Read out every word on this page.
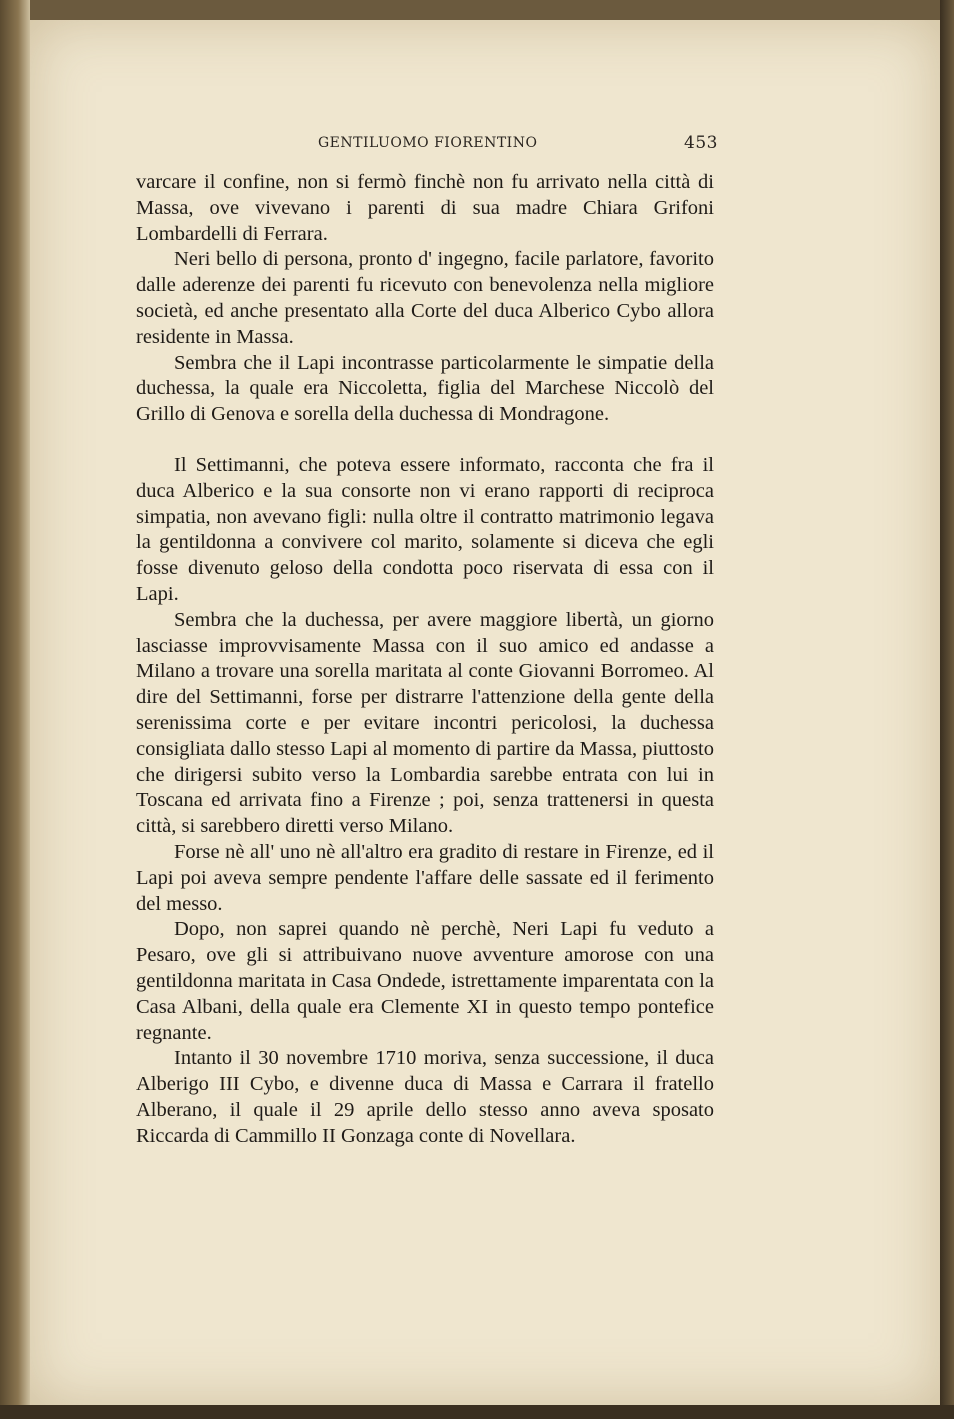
GENTILUOMO FIORENTINO	453

varcare il confine, non si fermò finchè non fu arrivato nella città di Massa, ove vivevano i parenti di sua madre Chiara Grifoni Lombardelli di Ferrara.

Neri bello di persona, pronto d' ingegno, facile parlatore, favorito dalle aderenze dei parenti fu ricevuto con benevolenza nella migliore società, ed anche presentato alla Corte del duca Alberico Cybo allora residente in Massa.

Sembra che il Lapi incontrasse particolarmente le simpatie della duchessa, la quale era Niccoletta, figlia del Marchese Niccolò del Grillo di Genova e sorella della duchessa di Mondragone.

Il Settimanni, che poteva essere informato, racconta che fra il duca Alberico e la sua consorte non vi erano rapporti di reciproca simpatia, non avevano figli: nulla oltre il contratto matrimonio legava la gentildonna a convivere col marito, solamente si diceva che egli fosse divenuto geloso della condotta poco riservata di essa con il Lapi.

Sembra che la duchessa, per avere maggiore libertà, un giorno lasciasse improvvisamente Massa con il suo amico ed andasse a Milano a trovare una sorella maritata al conte Giovanni Borromeo. Al dire del Settimanni, forse per distrarre l'attenzione della gente della serenissima corte e per evitare incontri pericolosi, la duchessa consigliata dallo stesso Lapi al momento di partire da Massa, piuttosto che dirigersi subito verso la Lombardia sarebbe entrata con lui in Toscana ed arrivata fino a Firenze ; poi, senza trattenersi in questa città, si sarebbero diretti verso Milano.

Forse nè all' uno nè all'altro era gradito di restare in Firenze, ed il Lapi poi aveva sempre pendente l'affare delle sassate ed il ferimento del messo.

Dopo, non saprei quando nè perchè, Neri Lapi fu veduto a Pesaro, ove gli si attribuivano nuove avventure amorose con una gentildonna maritata in Casa Ondede, istrettamente imparentata con la Casa Albani, della quale era Clemente XI in questo tempo pontefice regnante.

Intanto il 30 novembre 1710 moriva, senza successione, il duca Alberigo III Cybo, e divenne duca di Massa e Carrara il fratello Alberano, il quale il 29 aprile dello stesso anno aveva sposato Riccarda di Cammillo II Gonzaga conte di Novellara.
